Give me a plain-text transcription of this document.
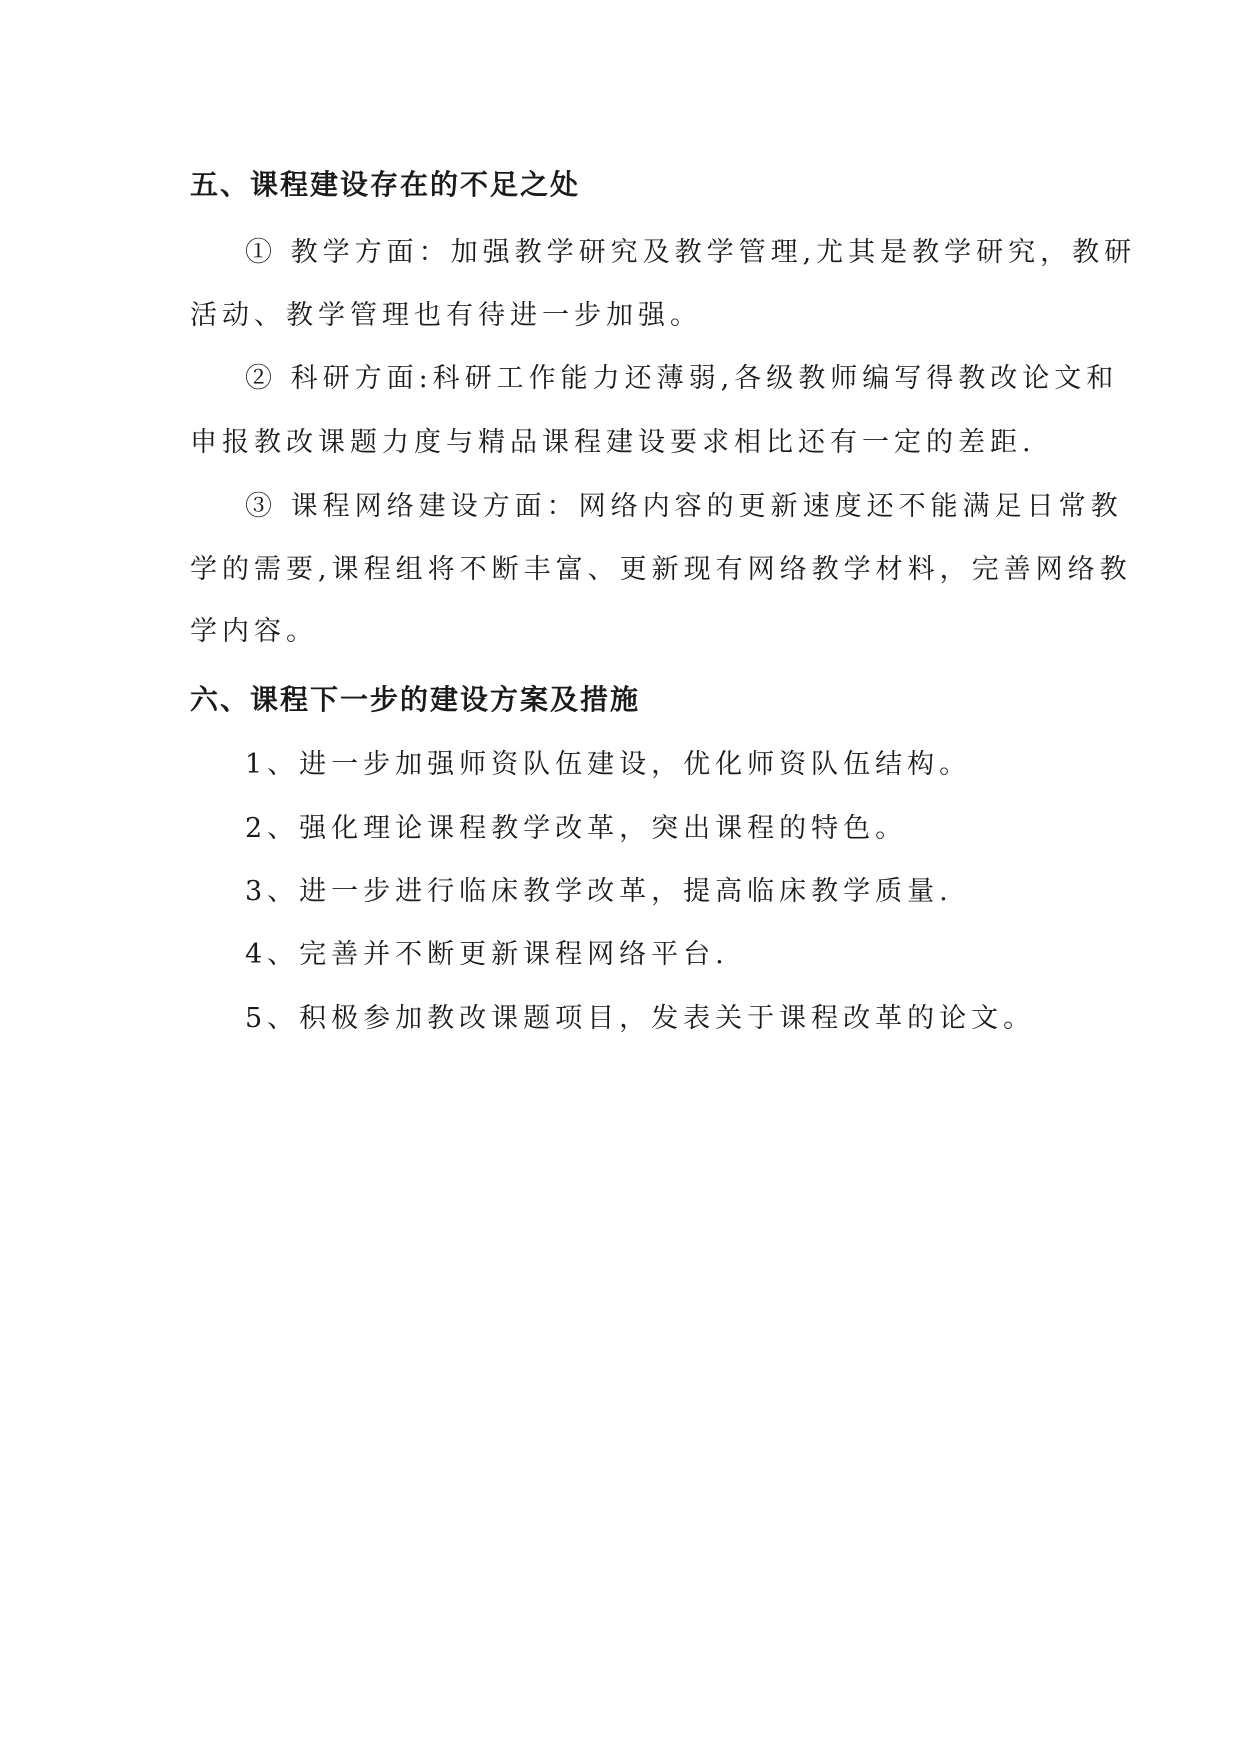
五、课程建设存在的不足之处
① 教学方面：加强教学研究及教学管理,尤其是教学研究，教研
活动、教学管理也有待进一步加强。
② 科研方面:科研工作能力还薄弱,各级教师编写得教改论文和
申报教改课题力度与精品课程建设要求相比还有一定的差距.
③ 课程网络建设方面：网络内容的更新速度还不能满足日常教
学的需要,课程组将不断丰富、更新现有网络教学材料，完善网络教
学内容。
六、课程下一步的建设方案及措施
1、进一步加强师资队伍建设，优化师资队伍结构。
2、强化理论课程教学改革，突出课程的特色。
3、进一步进行临床教学改革，提高临床教学质量.
4、完善并不断更新课程网络平台.
5、积极参加教改课题项目，发表关于课程改革的论文。
